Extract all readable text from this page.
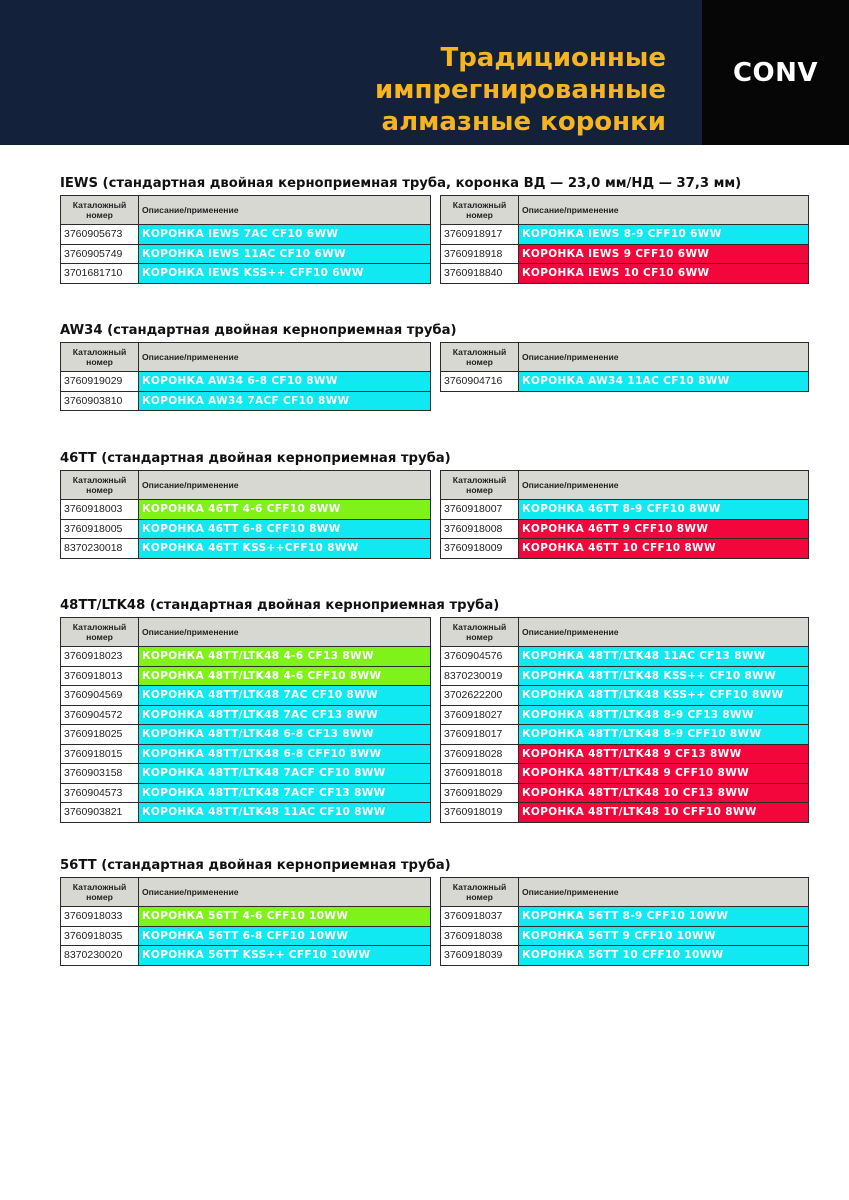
Традиционные импрегнированные
алмазные коронки
CONV
IEWS (стандартная двойная керноприемная труба, коронка ВД — 23,0 мм/НД — 37,3 мм)
Каталожный номер	Описание/применение
3760905673	КОРОНКА IEWS 7AC CF10 6WW
3760905749	КОРОНКА IEWS 11AC CF10 6WW
3701681710	КОРОНКА IEWS KSS++ CFF10 6WW
Каталожный номер	Описание/применение
3760918917	КОРОНКА IEWS 8-9 CFF10 6WW
3760918918	КОРОНКА IEWS 9 CFF10 6WW
3760918840	КОРОНКА IEWS 10 CF10 6WW
AW34 (стандартная двойная керноприемная труба)
Каталожный номер	Описание/применение
3760919029	КОРОНКА AW34 6-8 CF10 8WW
3760903810	КОРОНКА AW34 7ACF CF10 8WW
Каталожный номер	Описание/применение
3760904716	КОРОНКА AW34 11AC CF10 8WW
46TT (стандартная двойная керноприемная труба)
Каталожный номер	Описание/применение
3760918003	КОРОНКА 46TT 4-6 CFF10 8WW
3760918005	КОРОНКА 46TT 6-8 CFF10 8WW
8370230018	КОРОНКА 46TT KSS++CFF10 8WW
Каталожный номер	Описание/применение
3760918007	КОРОНКА 46TT 8-9 CFF10 8WW
3760918008	КОРОНКА 46TT 9 CFF10 8WW
3760918009	КОРОНКА 46TT 10 CFF10 8WW
48TT/LTK48 (стандартная двойная керноприемная труба)
Каталожный номер	Описание/применение
3760918023	КОРОНКА 48TT/LTK48 4-6 CF13 8WW
3760918013	КОРОНКА 48TT/LTK48 4-6 CFF10 8WW
3760904569	КОРОНКА 48TT/LTK48 7AC CF10 8WW
3760904572	КОРОНКА 48TT/LTK48 7AC CF13 8WW
3760918025	КОРОНКА 48TT/LTK48 6-8 CF13 8WW
3760918015	КОРОНКА 48TT/LTK48 6-8 CFF10 8WW
3760903158	КОРОНКА 48TT/LTK48 7ACF CF10 8WW
3760904573	КОРОНКА 48TT/LTK48 7ACF CF13 8WW
3760903821	КОРОНКА 48TT/LTK48 11AC CF10 8WW
Каталожный номер	Описание/применение
3760904576	КОРОНКА 48TT/LTK48 11AC CF13 8WW
8370230019	КОРОНКА 48TT/LTK48 KSS++ CF10 8WW
3702622200	КОРОНКА 48TT/LTK48 KSS++ CFF10 8WW
3760918027	КОРОНКА 48TT/LTK48 8-9 CF13 8WW
3760918017	КОРОНКА 48TT/LTK48 8-9 CFF10 8WW
3760918028	КОРОНКА 48TT/LTK48 9 CF13 8WW
3760918018	КОРОНКА 48TT/LTK48 9 CFF10 8WW
3760918029	КОРОНКА 48TT/LTK48 10 CF13 8WW
3760918019	КОРОНКА 48TT/LTK48 10 CFF10 8WW
56TT (стандартная двойная керноприемная труба)
Каталожный номер	Описание/применение
3760918033	КОРОНКА 56TT 4-6 CFF10 10WW
3760918035	КОРОНКА 56TT 6-8 CFF10 10WW
8370230020	КОРОНКА 56TT KSS++ CFF10 10WW
Каталожный номер	Описание/применение
3760918037	КОРОНКА 56TT 8-9 CFF10 10WW
3760918038	КОРОНКА 56TT 9 CFF10 10WW
3760918039	КОРОНКА 56TT 10 CFF10 10WW
